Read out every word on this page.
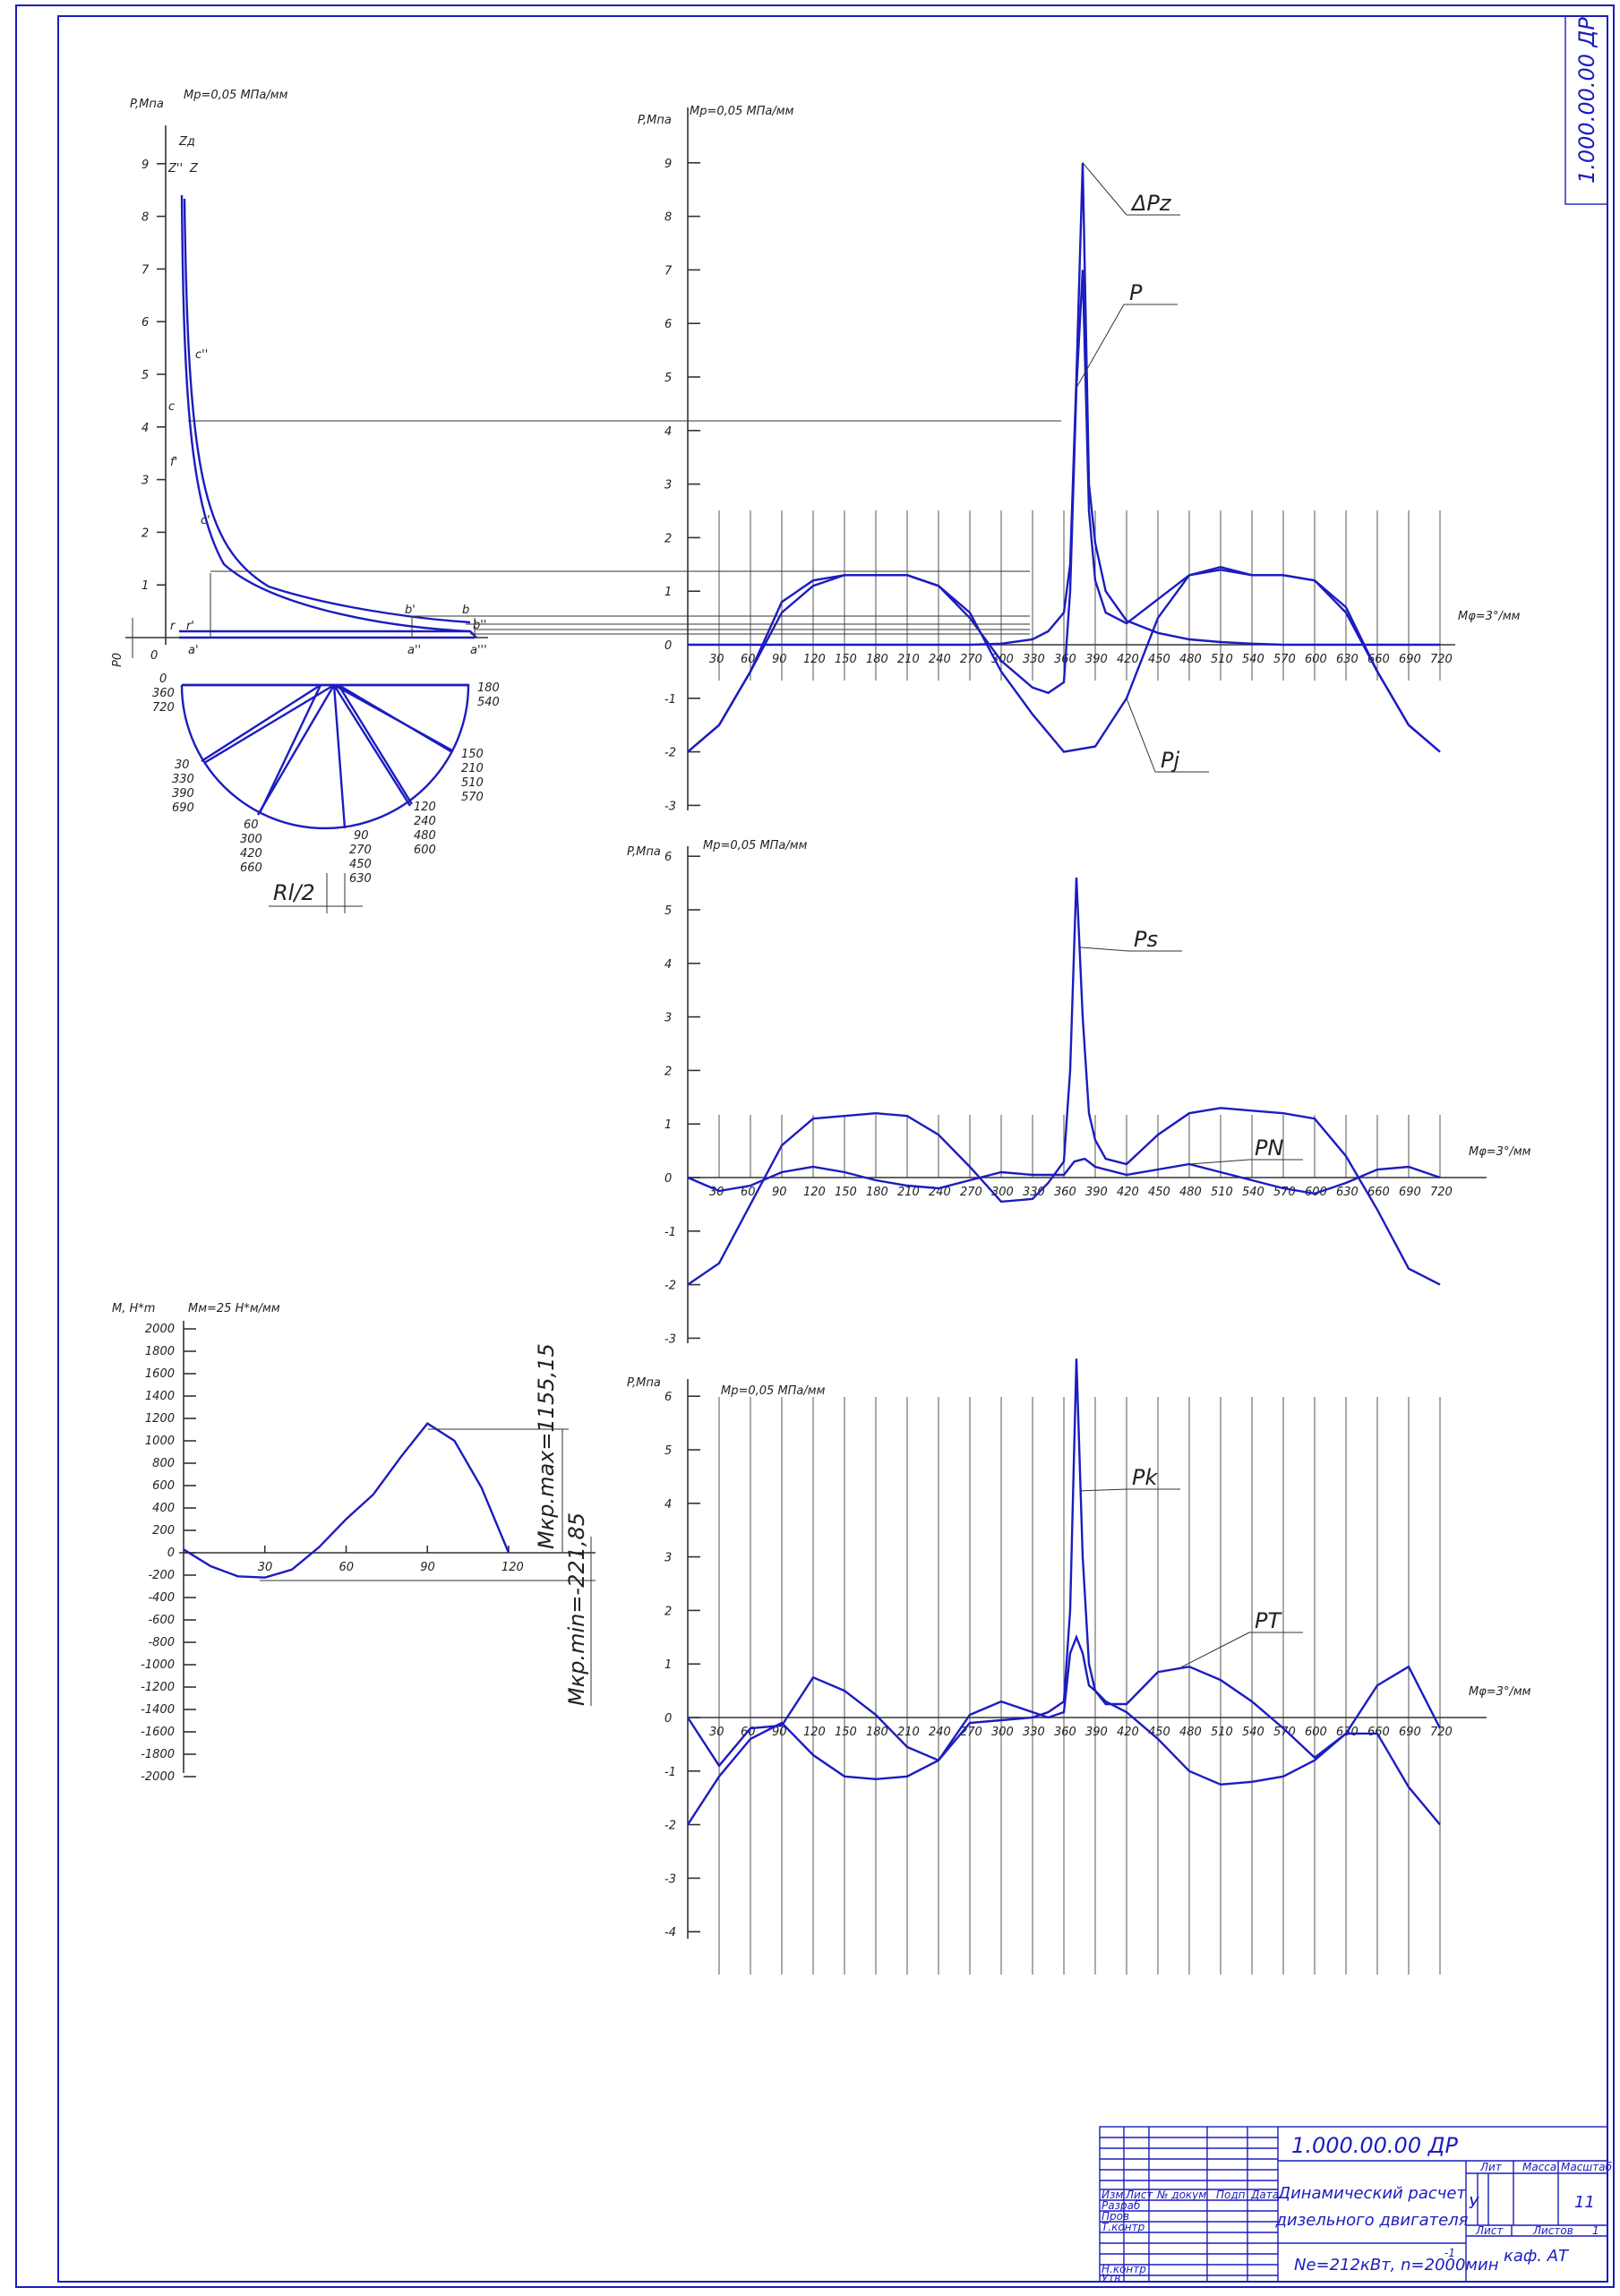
1.000.00.00 ДР
P,Мпа
Mp=0,05 МПа/мм
1
2
3
4
5
6
7
8
9
0
P0
Zд
Z'' Z
c''
c
f'
c'
b'	b
b''
r r'
a'	a''	a'''
0
360
720
180
540
30
330
390
690
60
300
420
660
90
270
450
630
120
240
480
600
150
210
510
570
Rl/2
M, H*m	Mм=25 Н*м/мм
2000
1800
1600
1400
1200
1000
800
600
400
200
0
-200
-400
-600
-800
-1000
-1200
-1400
-1600
-1800
-2000
30	60	90	120
Mкр.max=1155,15
Mкр.min=-221,85
P,Мпа
Mp=0,05 МПа/мм
Mφ=3°/мм
30 60 90 120 150 180 210 240 270 300 330 360 390 420 450 480 510 540 570 600 630 660 690 720
9
8
7
6
5
4
3
2
1
0
-1
-2
-3
ΔPz
P
Pj
P,Мпа	Mp=0,05 МПа/мм
Mφ=3°/мм
30 60 90 120 150 180 210 240 270 300 330 360 390 420 450 480 510 540 570 600 630 660 690 720
6
5
4
3
2
1
0
-1
-2
-3
Ps
PN
P,Мпа
Mp=0,05 МПа/мм
Mφ=3°/мм
30 60 90 120 150 180 210 240 270 300 330 360 390 420 450 480 510 540 570 600 630 660 690 720
6
5
4
3
2
1
0
-1
-2
-3
-4
Pk
PT
Изм Лист № докум Подп Дата
Разраб
Пров
Т.контр
Н.контр
Утв
1.000.00.00 ДР
Динамический расчет
дизельного двигателя
Ne=212кВт, n=2000мин
-1
Лит Масса Масштаб
У	11
Лист	Листов 1
каф. АТ
